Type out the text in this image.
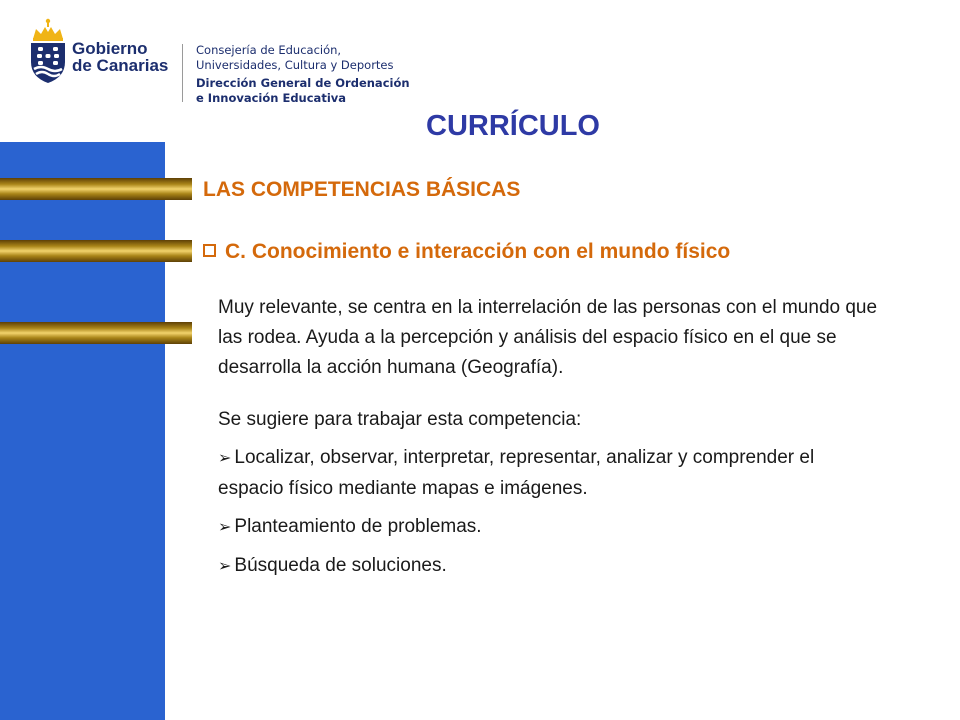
Gobierno
de Canarias
Consejería de Educación,
Universidades, Cultura y Deportes
Dirección General de Ordenación
e Innovación Educativa
CURRÍCULO
LAS COMPETENCIAS BÁSICAS
C. Conocimiento e interacción con el mundo físico

Muy relevante, se centra en la interrelación de las personas con el mundo que las rodea. Ayuda a la percepción y análisis del espacio físico en el que se desarrolla la acción humana (Geografía).

Se sugiere para trabajar esta competencia:

➢ Localizar, observar, interpretar, representar, analizar y comprender el espacio físico mediante mapas e imágenes.

➢ Planteamiento de problemas.

➢ Búsqueda de soluciones.
